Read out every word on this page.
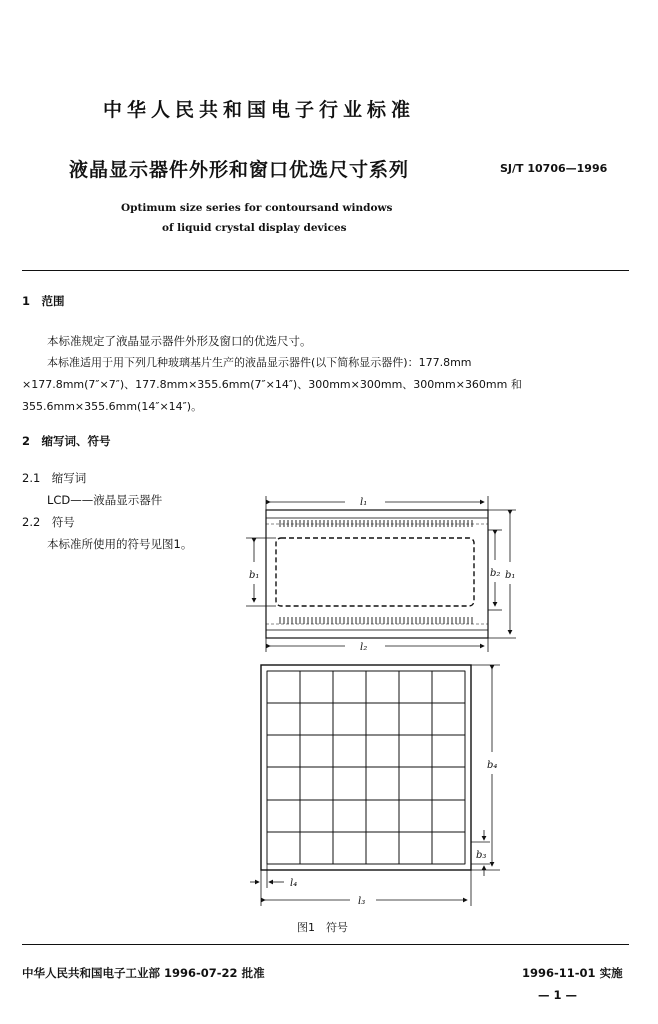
中华人民共和国电子行业标准
液晶显示器件外形和窗口优选尺寸系列	SJ/T 10706—1996
Optimum size series for contoursand windows
of liquid crystal display devices
1　范围
本标准规定了液晶显示器件外形及窗口的优选尺寸。
本标准适用于用下列几种玻璃基片生产的液晶显示器件(以下简称显示器件)：177.8mm
×177.8mm(7″×7″)、177.8mm×355.6mm(7″×14″)、300mm×300mm、300mm×360mm 和
355.6mm×355.6mm(14″×14″)。
2　缩写词、符号
2.1　缩写词
LCD——液晶显示器件
2.2　符号
本标准所使用的符号见图1。
l₁
l₂
b₁	b₂ b₁
b₄
b₃
l₄
l₃
图1　符号
中华人民共和国电子工业部 1996-07-22 批准	1996-11-01 实施
— 1 —
